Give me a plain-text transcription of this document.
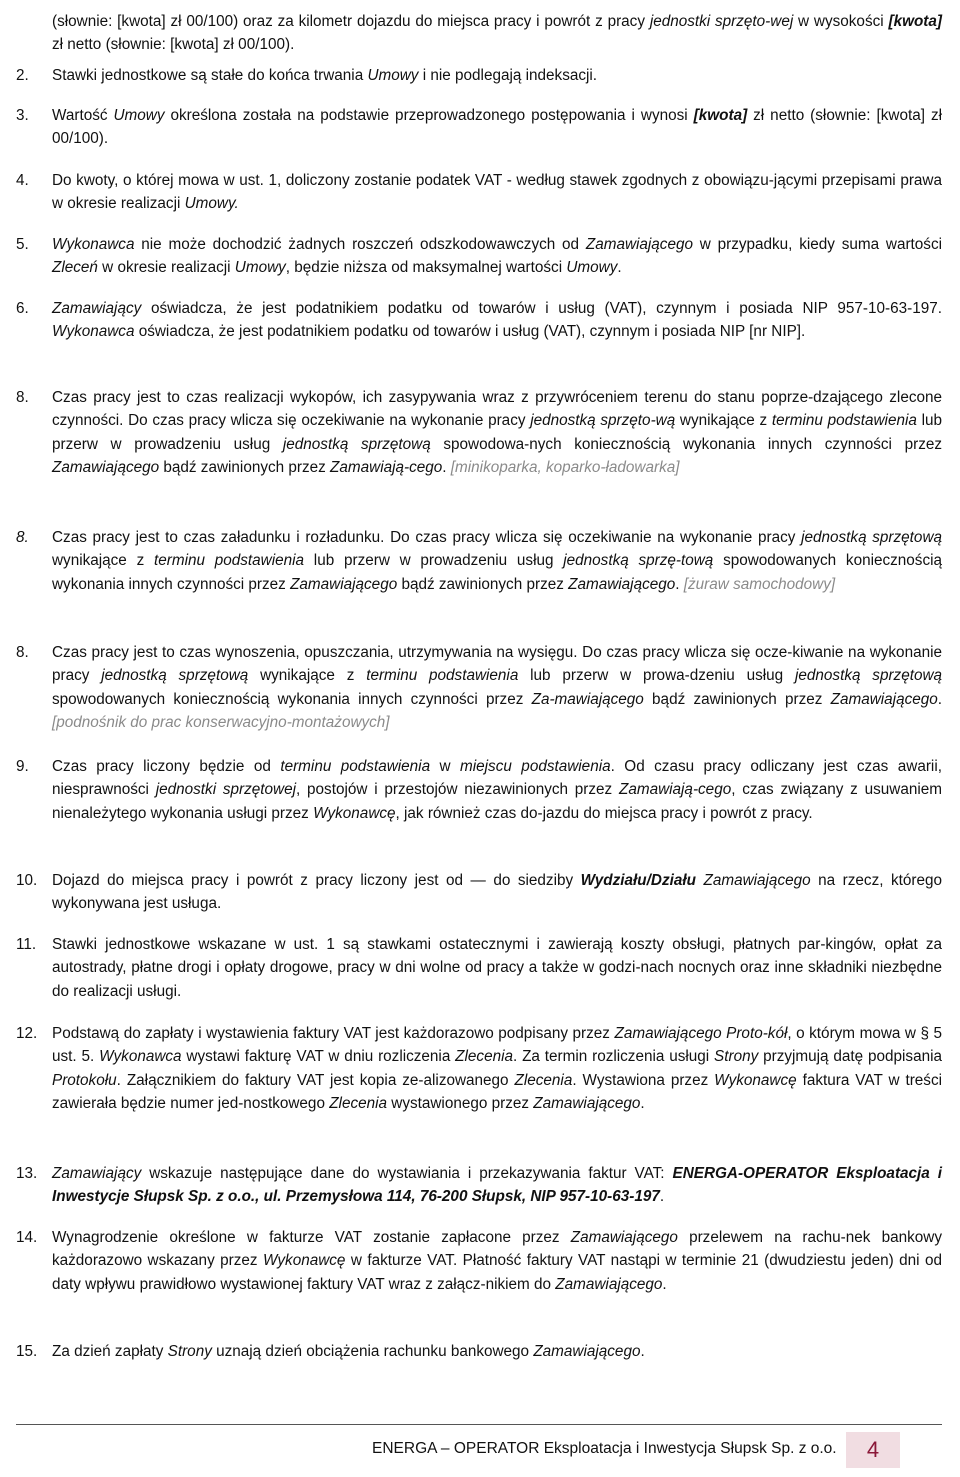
(słownie: [kwota] zł 00/100) oraz za kilometr dojazdu do miejsca pracy i powrót z pracy jednostki sprzęto-wej w wysokości [kwota] zł netto (słownie: [kwota] zł 00/100).
2.	Stawki jednostkowe są stałe do końca trwania Umowy i nie podlegają indeksacji.
3.	Wartość Umowy określona została na podstawie przeprowadzonego postępowania i wynosi [kwota] zł netto (słownie: [kwota] zł 00/100).
4.	Do kwoty, o której mowa w ust. 1, doliczony zostanie podatek VAT - według stawek zgodnych z obowiązu-jącymi przepisami prawa w okresie realizacji Umowy.
5.	Wykonawca nie może dochodzić żadnych roszczeń odszkodowawczych od Zamawiającego w przypadku, kiedy suma wartości Zleceń w okresie realizacji Umowy, będzie niższa od maksymalnej wartości Umowy.
6.	Zamawiający oświadcza, że jest podatnikiem podatku od towarów i usług (VAT), czynnym i posiada NIP 957-10-63-197. Wykonawca oświadcza, że jest podatnikiem podatku od towarów i usług (VAT), czynnym i posiada NIP [nr NIP].
8.	Czas pracy jest to czas realizacji wykopów, ich zasypywania wraz z przywróceniem terenu do stanu poprze-dzającego zlecone czynności. Do czas pracy wlicza się oczekiwanie na wykonanie pracy jednostką sprzęto-wą wynikające z terminu podstawienia lub przerw w prowadzeniu usług jednostką sprzętową spowodowa-nych koniecznością wykonania innych czynności przez Zamawiającego bądź zawinionych przez Zamawiają-cego. [minikoparka, koparko-ładowarka]
8.	Czas pracy jest to czas załadunku i rozładunku. Do czas pracy wlicza się oczekiwanie na wykonanie pracy jednostką sprzętową wynikające z terminu podstawienia lub przerw w prowadzeniu usług jednostką sprzę-tową spowodowanych koniecznością wykonania innych czynności przez Zamawiającego bądź zawinionych przez Zamawiającego. [żuraw samochodowy]
8.	Czas pracy jest to czas wynoszenia, opuszczania, utrzymywania na wysięgu. Do czas pracy wlicza się ocze-kiwanie na wykonanie pracy jednostką sprzętową wynikające z terminu podstawienia lub przerw w prowa-dzeniu usług jednostką sprzętową spowodowanych koniecznością wykonania innych czynności przez Za-mawiającego bądź zawinionych przez Zamawiającego. [podnośnik do prac konserwacyjno-montażowych]
9.	Czas pracy liczony będzie od terminu podstawienia w miejscu podstawienia. Od czasu pracy odliczany jest czas awarii, niesprawności jednostki sprzętowej, postojów i przestojów niezawinionych przez Zamawiają-cego, czas związany z usuwaniem nienależytego wykonania usługi przez Wykonawcę, jak również czas do-jazdu do miejsca pracy i powrót z pracy.
10. Dojazd do miejsca pracy i powrót z pracy liczony jest od — do siedziby Wydziału/Działu Zamawiającego na rzecz, którego wykonywana jest usługa.
11.	Stawki jednostkowe wskazane w ust. 1 są stawkami ostatecznymi i zawierają koszty obsługi, płatnych par-kingów, opłat za autostrady, płatne drogi i opłaty drogowe, pracy w dni wolne od pracy a także w godzi-nach nocnych oraz inne składniki niezbędne do realizacji usługi.
12. Podstawą do zapłaty i wystawienia faktury VAT jest każdorazowo podpisany przez Zamawiającego Proto-kół, o którym mowa w § 5 ust. 5. Wykonawca wystawi fakturę VAT w dniu rozliczenia Zlecenia. Za termin rozliczenia usługi Strony przyjmują datę podpisania Protokołu. Załącznikiem do faktury VAT jest kopia ze-alizowanego Zlecenia. Wystawiona przez Wykonawcę faktura VAT w treści zawierała będzie numer jed-nostkowego Zlecenia wystawionego przez Zamawiającego.
13. Zamawiający wskazuje następujące dane do wystawiania i przekazywania faktur VAT: ENERGA-OPERATOR Eksploatacja i Inwestycje Słupsk Sp. z o.o., ul. Przemysłowa 114, 76-200 Słupsk, NIP 957-10-63-197.
14. Wynagrodzenie określone w fakturze VAT zostanie zapłacone przez Zamawiającego przelewem na rachu-nek bankowy każdorazowo wskazany przez Wykonawcę w fakturze VAT. Płatność faktury VAT nastąpi w terminie 21 (dwudziestu jeden) dni od daty wpływu prawidłowo wystawionej faktury VAT wraz z załącz-nikiem do Zamawiającego.
15. Za dzień zapłaty Strony uznają dzień obciążenia rachunku bankowego Zamawiającego.
ENERGA – OPERATOR Eksploatacja i Inwestycja Słupsk Sp. z o.o.	4
